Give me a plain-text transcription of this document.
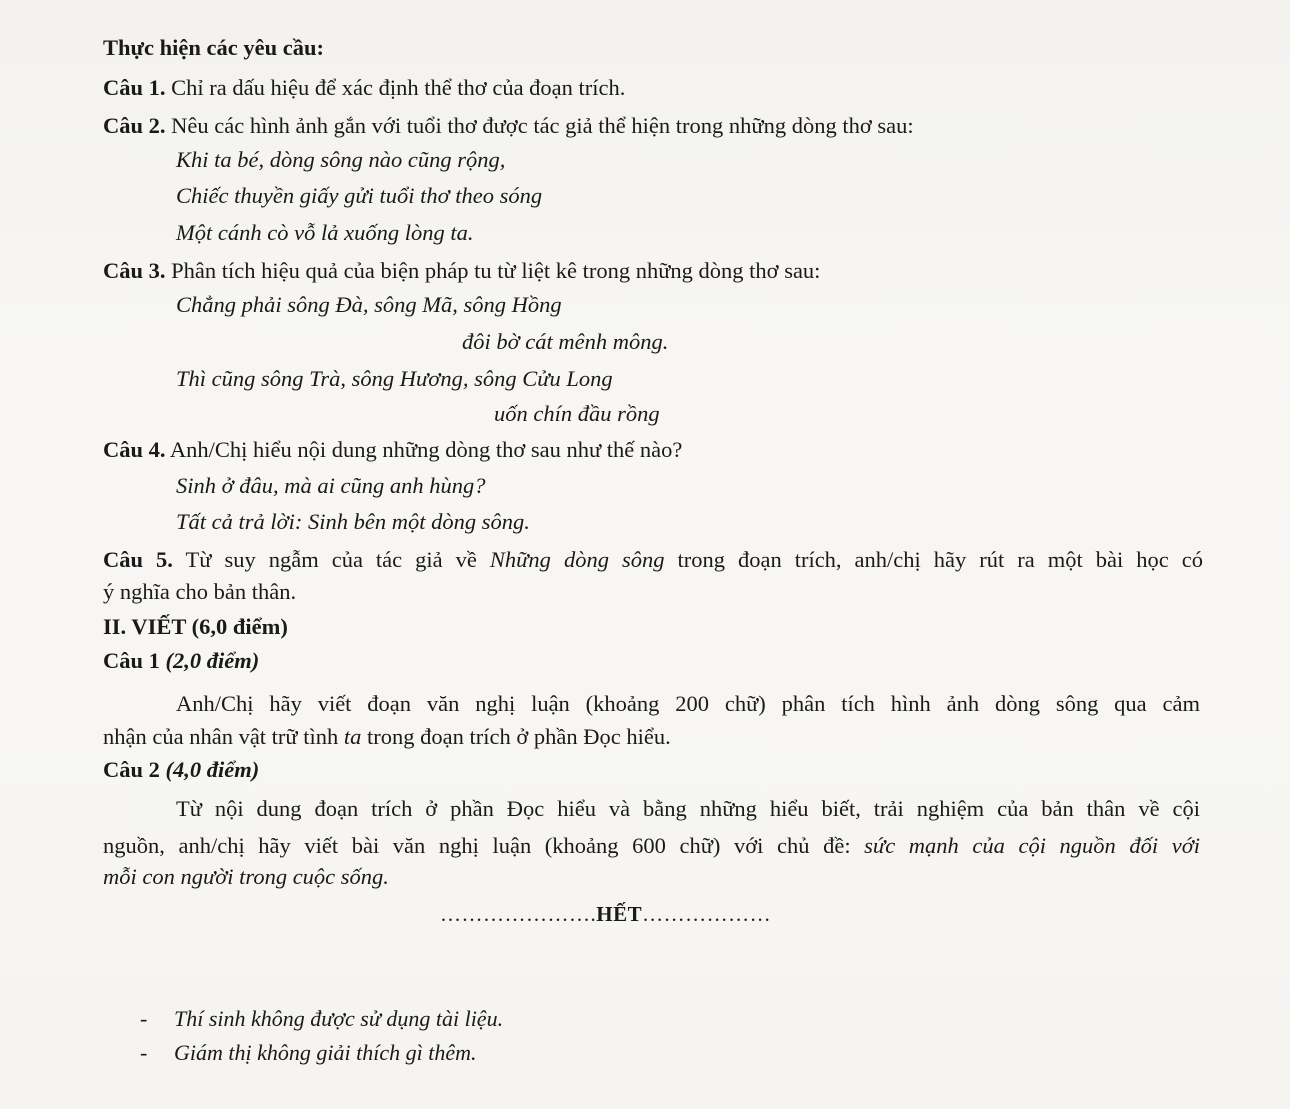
Thực hiện các yêu cầu:
Câu 1. Chỉ ra dấu hiệu để xác định thể thơ của đoạn trích.
Câu 2. Nêu các hình ảnh gắn với tuổi thơ được tác giả thể hiện trong những dòng thơ sau:
Khi ta bé, dòng sông nào cũng rộng,
Chiếc thuyền giấy gửi tuổi thơ theo sóng
Một cánh cò vỗ lả xuống lòng ta.
Câu 3. Phân tích hiệu quả của biện pháp tu từ liệt kê trong những dòng thơ sau:
Chẳng phải sông Đà, sông Mã, sông Hồng
đôi bờ cát mênh mông.
Thì cũng sông Trà, sông Hương, sông Cửu Long
uốn chín đầu rồng
Câu 4. Anh/Chị hiểu nội dung những dòng thơ sau như thế nào?
Sinh ở đâu, mà ai cũng anh hùng?
Tất cả trả lời: Sinh bên một dòng sông.
Câu 5. Từ suy ngẫm của tác giả về Những dòng sông trong đoạn trích, anh/chị hãy rút ra một bài học có
ý nghĩa cho bản thân.
II. VIẾT (6,0 điểm)
Câu 1 (2,0 điểm)
Anh/Chị hãy viết đoạn văn nghị luận (khoảng 200 chữ) phân tích hình ảnh dòng sông qua cảm
nhận của nhân vật trữ tình ta trong đoạn trích ở phần Đọc hiểu.
Câu 2 (4,0 điểm)
Từ nội dung đoạn trích ở phần Đọc hiểu và bằng những hiểu biết, trải nghiệm của bản thân về cội
nguồn, anh/chị hãy viết bài văn nghị luận (khoảng 600 chữ) với chủ đề: sức mạnh của cội nguồn đối với
mỗi con người trong cuộc sống.
………………….HẾT………………
- Thí sinh không được sử dụng tài liệu.
- Giám thị không giải thích gì thêm.
